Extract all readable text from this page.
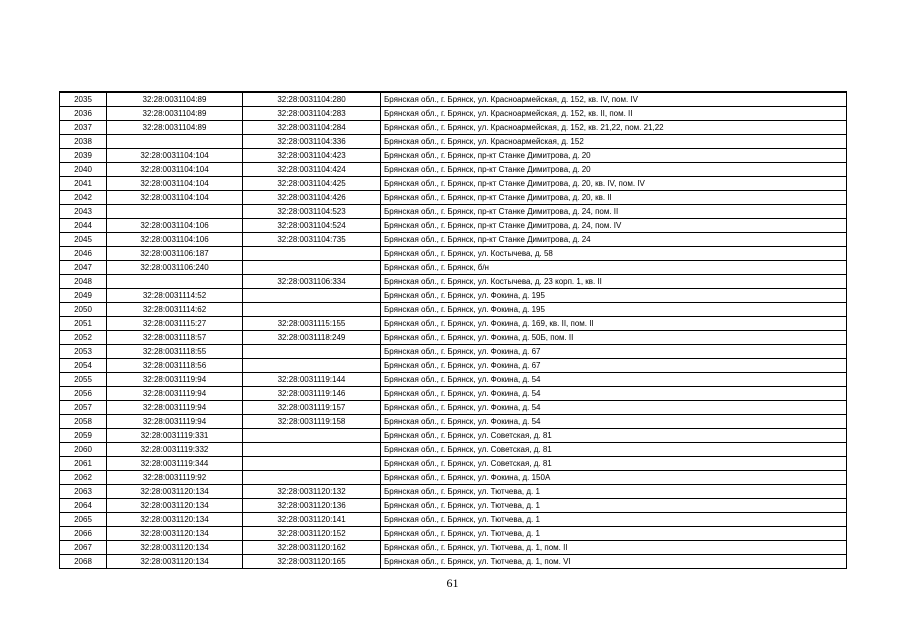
2035	32:28:0031104:89	32:28:0031104:280	Брянская обл., г. Брянск, ул. Красноармейская, д. 152, кв. IV, пом. IV
2036	32:28:0031104:89	32:28:0031104:283	Брянская обл., г. Брянск, ул. Красноармейская, д. 152, кв. II, пом. II
2037	32:28:0031104:89	32:28:0031104:284	Брянская обл., г. Брянск, ул. Красноармейская, д. 152, кв. 21,22, пом. 21,22
2038		32:28:0031104:336	Брянская обл., г. Брянск, ул. Красноармейская, д. 152
2039	32:28:0031104:104	32:28:0031104:423	Брянская обл., г. Брянск, пр-кт Станке Димитрова, д. 20
2040	32:28:0031104:104	32:28:0031104:424	Брянская обл., г. Брянск, пр-кт Станке Димитрова, д. 20
2041	32:28:0031104:104	32:28:0031104:425	Брянская обл., г. Брянск, пр-кт Станке Димитрова, д. 20, кв. IV, пом. IV
2042	32:28:0031104:104	32:28:0031104:426	Брянская обл., г. Брянск, пр-кт Станке Димитрова, д. 20, кв. II
2043		32:28:0031104:523	Брянская обл., г. Брянск, пр-кт Станке Димитрова, д. 24, пом. II
2044	32:28:0031104:106	32:28:0031104:524	Брянская обл., г. Брянск, пр-кт Станке Димитрова, д. 24, пом. IV
2045	32:28:0031104:106	32:28:0031104:735	Брянская обл., г. Брянск, пр-кт Станке Димитрова, д. 24
2046	32:28:0031106:187		Брянская обл., г. Брянск, ул. Костычева, д. 58
2047	32:28:0031106:240		Брянская обл., г. Брянск, б/н
2048		32:28:0031106:334	Брянская обл., г. Брянск, ул. Костычева, д. 23 корп. 1, кв. II
2049	32:28:0031114:52		Брянская обл., г. Брянск, ул. Фокина, д. 195
2050	32:28:0031114:62		Брянская обл., г. Брянск, ул. Фокина, д. 195
2051	32:28:0031115:27	32:28:0031115:155	Брянская обл., г. Брянск, ул. Фокина, д. 169, кв. II, пом. II
2052	32:28:0031118:57	32:28:0031118:249	Брянская обл., г. Брянск, ул. Фокина, д. 50Б, пом. II
2053	32:28:0031118:55		Брянская обл., г. Брянск, ул. Фокина, д. 67
2054	32:28:0031118:56		Брянская обл., г. Брянск, ул. Фокина, д. 67
2055	32:28:0031119:94	32:28:0031119:144	Брянская обл., г. Брянск, ул. Фокина, д. 54
2056	32:28:0031119:94	32:28:0031119:146	Брянская обл., г. Брянск, ул. Фокина, д. 54
2057	32:28:0031119:94	32:28:0031119:157	Брянская обл., г. Брянск, ул. Фокина, д. 54
2058	32:28:0031119:94	32:28:0031119:158	Брянская обл., г. Брянск, ул. Фокина, д. 54
2059	32:28:0031119:331		Брянская обл., г. Брянск, ул. Советская, д. 81
2060	32:28:0031119:332		Брянская обл., г. Брянск, ул. Советская, д. 81
2061	32:28:0031119:344		Брянская обл., г. Брянск, ул. Советская, д. 81
2062	32:28:0031119:92		Брянская обл., г. Брянск, ул. Фокина, д. 150А
2063	32:28:0031120:134	32:28:0031120:132	Брянская обл., г. Брянск, ул. Тютчева, д. 1
2064	32:28:0031120:134	32:28:0031120:136	Брянская обл., г. Брянск, ул. Тютчева, д. 1
2065	32:28:0031120:134	32:28:0031120:141	Брянская обл., г. Брянск, ул. Тютчева, д. 1
2066	32:28:0031120:134	32:28:0031120:152	Брянская обл., г. Брянск, ул. Тютчева, д. 1
2067	32:28:0031120:134	32:28:0031120:162	Брянская обл., г. Брянск, ул. Тютчева, д. 1, пом. II
2068	32:28:0031120:134	32:28:0031120:165	Брянская обл., г. Брянск, ул. Тютчева, д. 1, пом. VI
61
